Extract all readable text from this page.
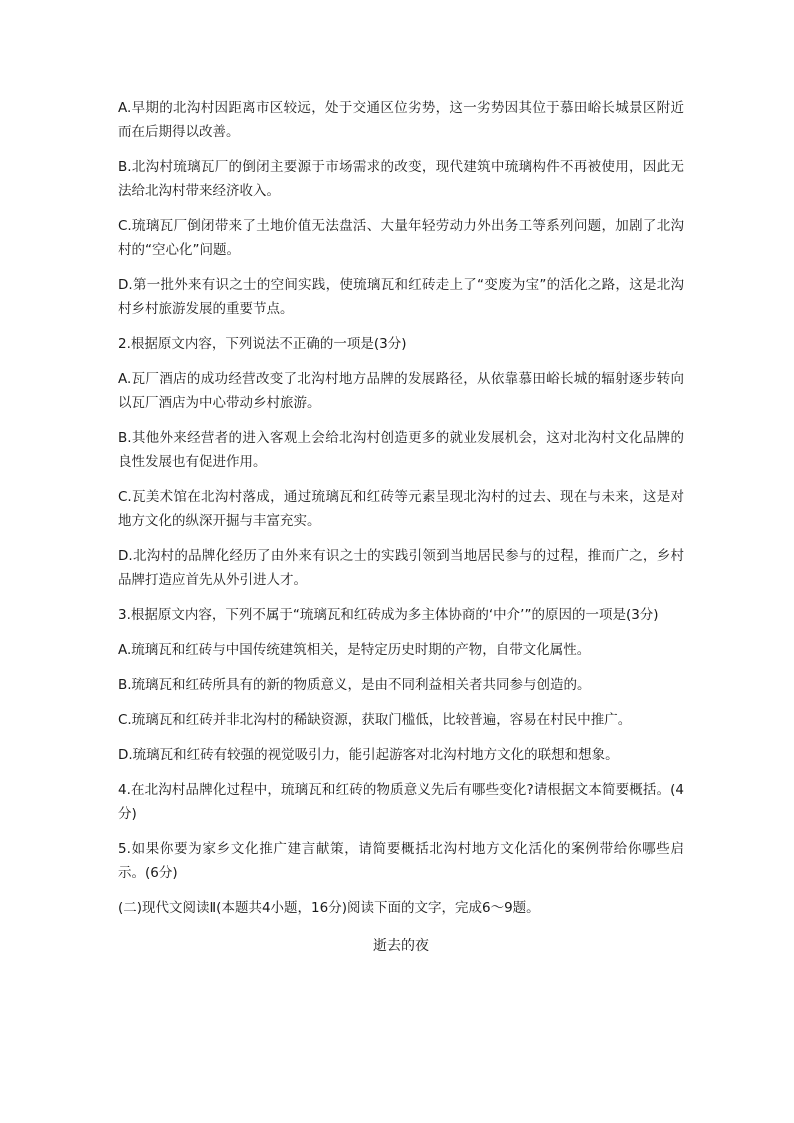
A.早期的北沟村因距离市区较远，处于交通区位劣势，这一劣势因其位于慕田峪长城景区附近而在后期得以改善。

B.北沟村琉璃瓦厂的倒闭主要源于市场需求的改变，现代建筑中琉璃构件不再被使用，因此无法给北沟村带来经济收入。

C.琉璃瓦厂倒闭带来了土地价值无法盘活、大量年轻劳动力外出务工等系列问题，加剧了北沟村的“空心化”问题。

D.第一批外来有识之士的空间实践，使琉璃瓦和红砖走上了“变废为宝”的活化之路，这是北沟村乡村旅游发展的重要节点。

2.根据原文内容，下列说法不正确的一项是(3分)

A.瓦厂酒店的成功经营改变了北沟村地方品牌的发展路径，从依靠慕田峪长城的辐射逐步转向以瓦厂酒店为中心带动乡村旅游。

B.其他外来经营者的进入客观上会给北沟村创造更多的就业发展机会，这对北沟村文化品牌的良性发展也有促进作用。

C.瓦美术馆在北沟村落成，通过琉璃瓦和红砖等元素呈现北沟村的过去、现在与未来，这是对地方文化的纵深开掘与丰富充实。

D.北沟村的品牌化经历了由外来有识之士的实践引领到当地居民参与的过程，推而广之，乡村品牌打造应首先从外引进人才。

3.根据原文内容，下列不属于“琉璃瓦和红砖成为多主体协商的‘中介’”的原因的一项是(3分)

A.琉璃瓦和红砖与中国传统建筑相关，是特定历史时期的产物，自带文化属性。

B.琉璃瓦和红砖所具有的新的物质意义，是由不同利益相关者共同参与创造的。

C.琉璃瓦和红砖并非北沟村的稀缺资源，获取门槛低，比较普遍，容易在村民中推广。

D.琉璃瓦和红砖有较强的视觉吸引力，能引起游客对北沟村地方文化的联想和想象。

4.在北沟村品牌化过程中，琉璃瓦和红砖的物质意义先后有哪些变化?请根据文本简要概括。(4分)

5.如果你要为家乡文化推广建言献策，请简要概括北沟村地方文化活化的案例带给你哪些启示。(6分)

(二)现代文阅读Ⅱ(本题共4小题，16分)阅读下面的文字，完成6～9题。

逝去的夜
